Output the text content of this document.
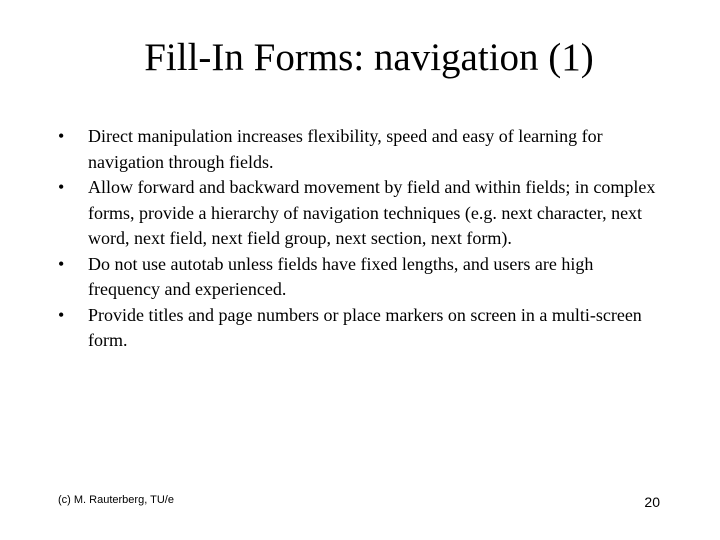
Fill-In Forms: navigation (1)
•	Direct manipulation increases flexibility, speed and easy of learning for navigation through fields.
•	Allow forward and backward movement by field and within fields; in complex forms, provide a hierarchy of navigation techniques (e.g. next character, next word, next field, next field group, next section, next form).
•	Do not use autotab unless fields have fixed lengths, and users are high frequency and experienced.
•	Provide titles and page numbers or place markers on screen in a multi-screen form.
(c) M. Rauterberg, TU/e	20
